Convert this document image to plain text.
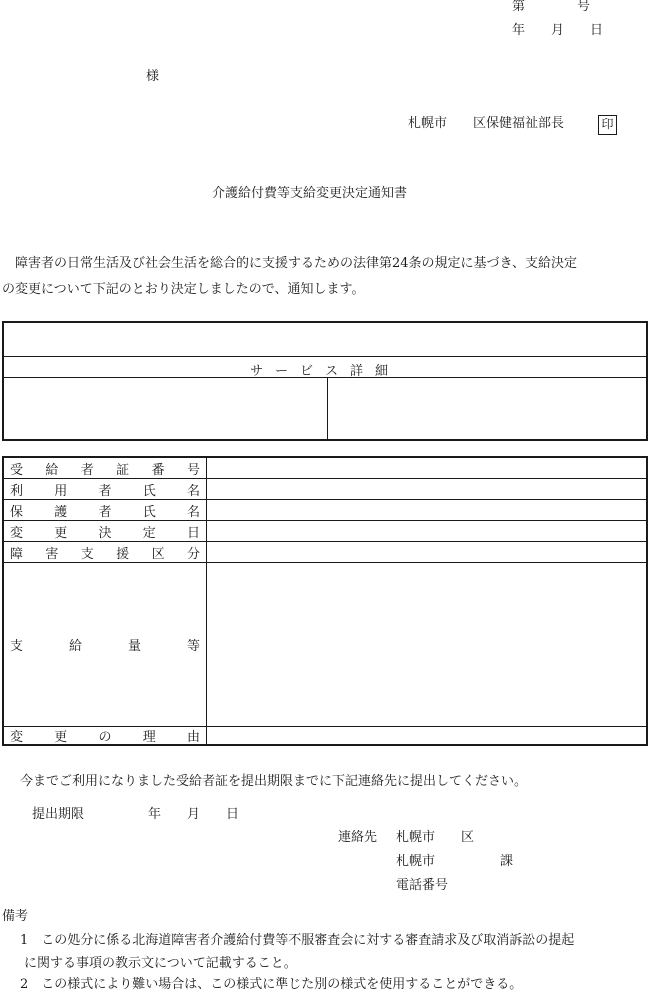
第　　　　号
年　　月　　日
様
札幌市　　区保健福祉部長	印
介護給付費等支給変更決定通知書
障害者の日常生活及び社会生活を総合的に支援するための法律第24条の規定に基づき、支給決定
の変更について下記のとおり決定しましたので、通知します。
サービス詳細
受 給 者 証 番 号
利 用 者 氏 名
保 護 者 氏 名
変 更 決 定 日
障 害 支 援 区 分
支	給	量	等
変 更 の 理 由
今までご利用になりました受給者証を提出期限までに下記連絡先に提出してください。
提出期限	年　　月　　日
連絡先 札幌市　　区
札幌市　　　　　課
電話番号
備考
1　この処分に係る北海道障害者介護給付費等不服審査会に対する審査請求及び取消訴訟の提起
に関する事項の教示文について記載すること。
2　この様式により難い場合は、この様式に準じた別の様式を使用することができる。
